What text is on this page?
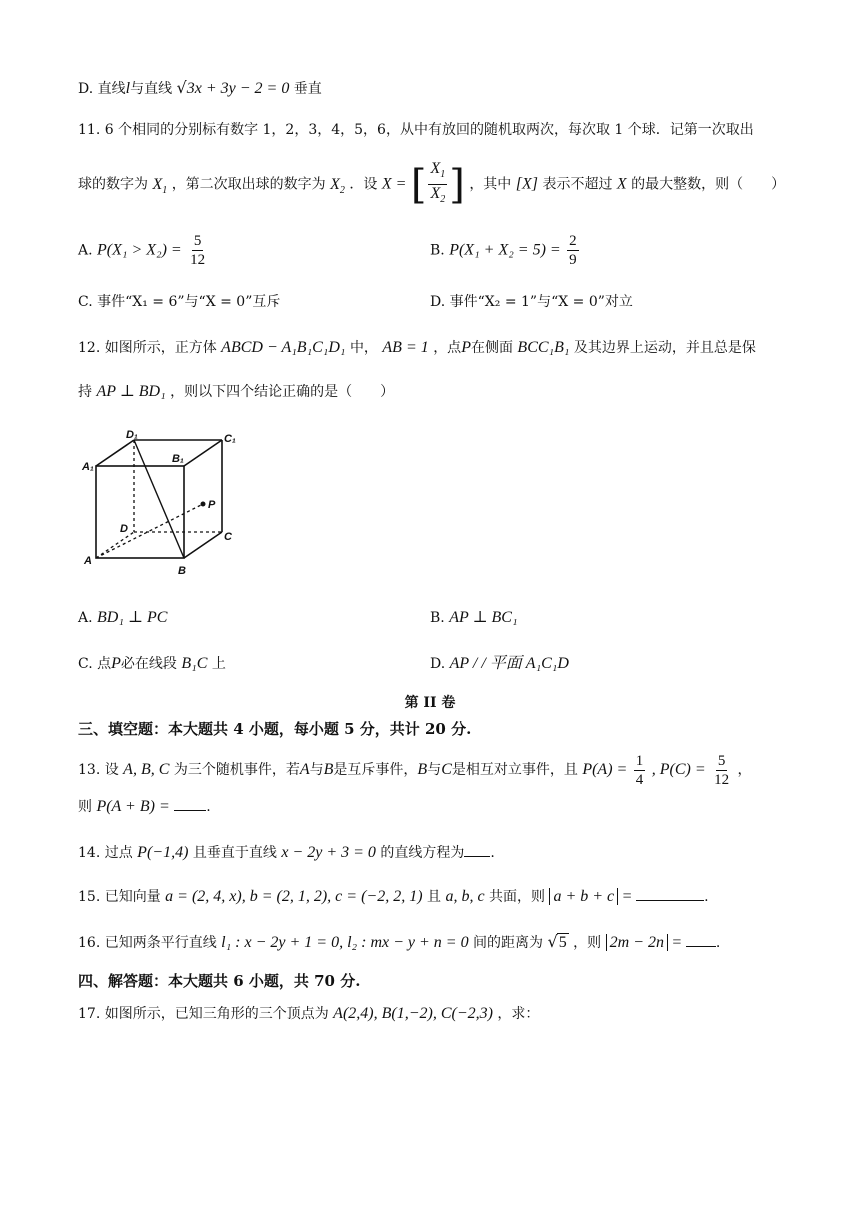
D. 直线l与直线 √3x + 3y − 2 = 0 垂直
11. 6 个相同的分别标有数字 1，2，3，4，5，6，从中有放回的随机取两次，每次取 1 个球．记第一次取出
球的数字为 $X_1$ ，第二次取出球的数字为 $X_2$ ．设 X = [ $\frac{X_1}{X_2}$ ] ，其中 [X] 表示不超过 X 的最大整数，则（　　）
A. $P(X_1 > X_2) = \frac{5}{12}$	B. $P(X_1 + X_2 = 5) = \frac{2}{9}$
C. 事件“X₁ = 6”与“X = 0”互斥	D. 事件“X₂ = 1”与“X = 0”对立
12. 如图所示，正方体 ABCD − A₁B₁C₁D₁ 中， AB = 1 ，点P在侧面 BCC₁B₁ 及其边界上运动，并且总是保
持 AP ⊥ BD₁ ，则以下四个结论正确的是（　　）
D₁	C₁
A₁
B₁
P
D
C
A
B
A. BD₁ ⊥ PC	B. AP ⊥ BC₁
C. 点P必在线段 B₁C 上	D. AP / / 平面 A₁C₁D
第 II 卷
三、填空题：本大题共 4 小题，每小题 5 分，共计 20 分.
13. 设 A, B, C 为三个随机事件，若A与B是互斥事件，B与C是相互对立事件，且 $P(A) = \frac{1}{4}$ , $P(C) = \frac{5}{12}$ ，
则 P(A + B) =	.
14. 过点 P(−1,4) 且垂直于直线 x − 2y + 3 = 0 的直线方程为 .
15. 已知向量 a = (2, 4, x), b = (2, 1, 2), c = (−2, 2, 1) 且 a, b, c 共面，则 a + b + c =	.
16. 已知两条平行直线 l₁ : x − 2y + 1 = 0, l₂ : mx − y + n = 0 间的距离为 √5 ，则 2m − 2n = .
四、解答题：本大题共 6 小题，共 70 分.
17. 如图所示，已知三角形的三个顶点为 A(2,4), B(1,−2), C(−2,3) ，求：
